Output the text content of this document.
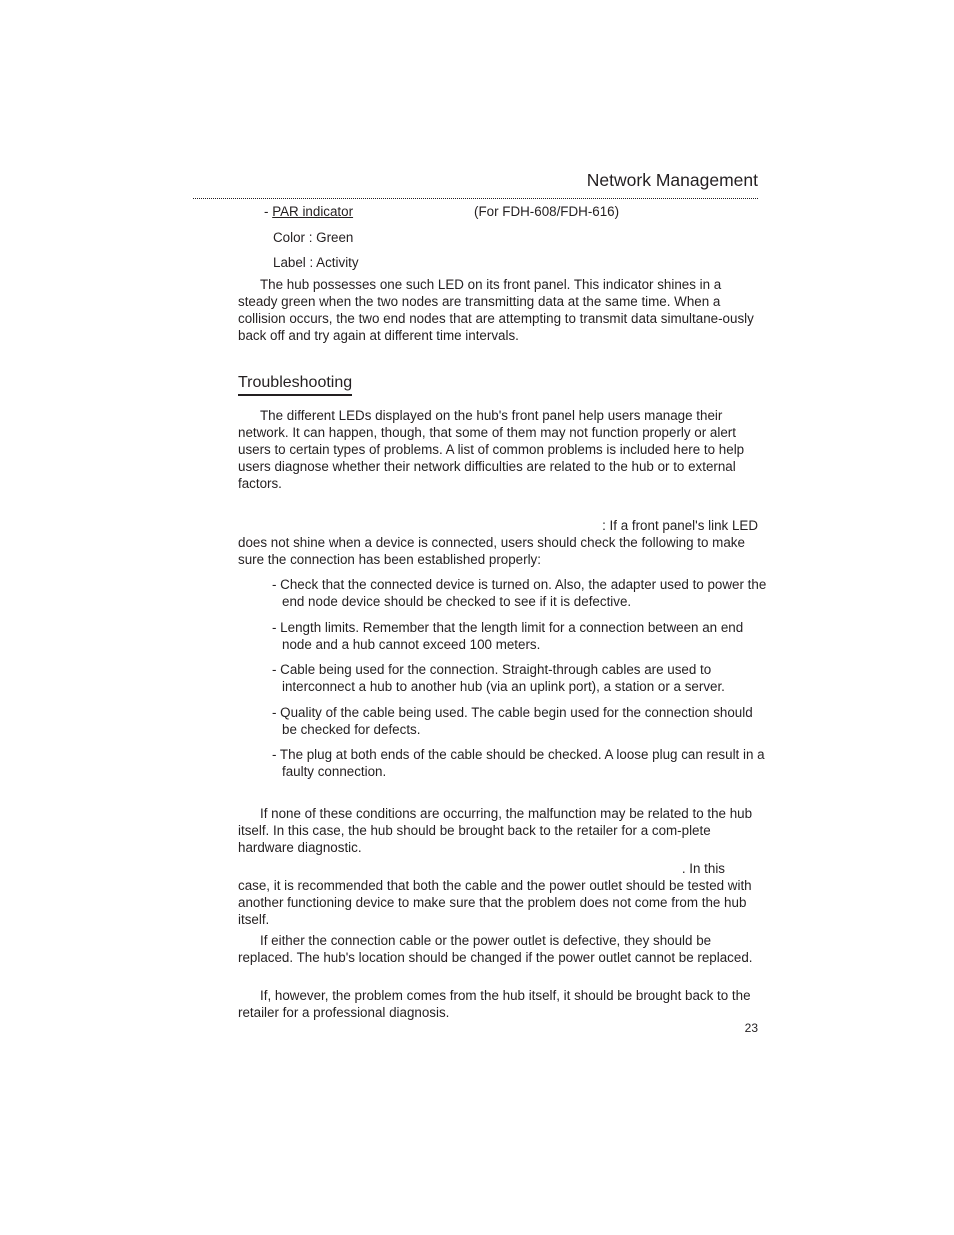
Network Management
- PAR indicator	(For FDH-608/FDH-616)
Color : Green
Label : Activity
The hub possesses one such LED on its front panel. This indicator shines in a steady green when the two nodes are transmitting data at the same time. When a collision occurs, the two end nodes that are attempting to transmit data simultane-ously back off and try again at different time intervals.
Troubleshooting
The different LEDs displayed on the hub's front panel help users manage their network. It can happen, though, that some of them may not function properly or alert users to certain types of problems. A list of common problems is included here to help users diagnose whether their network difficulties are related to the hub or to external factors.
: If a front panel's link LED
does not shine when a device is connected, users should check the following to make sure the connection has been established properly:
- Check that the connected device is turned on. Also, the adapter used to power the end node device should be checked to see if it is defective.
- Length limits. Remember that the length limit for a connection between an end node and a hub cannot exceed 100 meters.
- Cable being used for the connection. Straight-through cables are used to interconnect a hub to another hub (via an uplink port), a station or a server.
- Quality of the cable being used. The cable begin used for the connection should be checked for defects.
- The plug at both ends of the cable should be checked. A loose plug can result in a faulty connection.
If none of these conditions are occurring, the malfunction may be related to the hub itself. In this case, the hub should be brought back to the retailer for a com-plete hardware diagnostic.
. In this
case, it is recommended that both the cable and the power outlet should be tested with another functioning device to make sure that the problem does not come from the hub itself.
If either the connection cable or the power outlet is defective, they should be replaced. The hub's location should be changed if the power outlet cannot be replaced.
If, however, the problem comes from the hub itself, it should be brought back to the retailer for a professional diagnosis.
23
